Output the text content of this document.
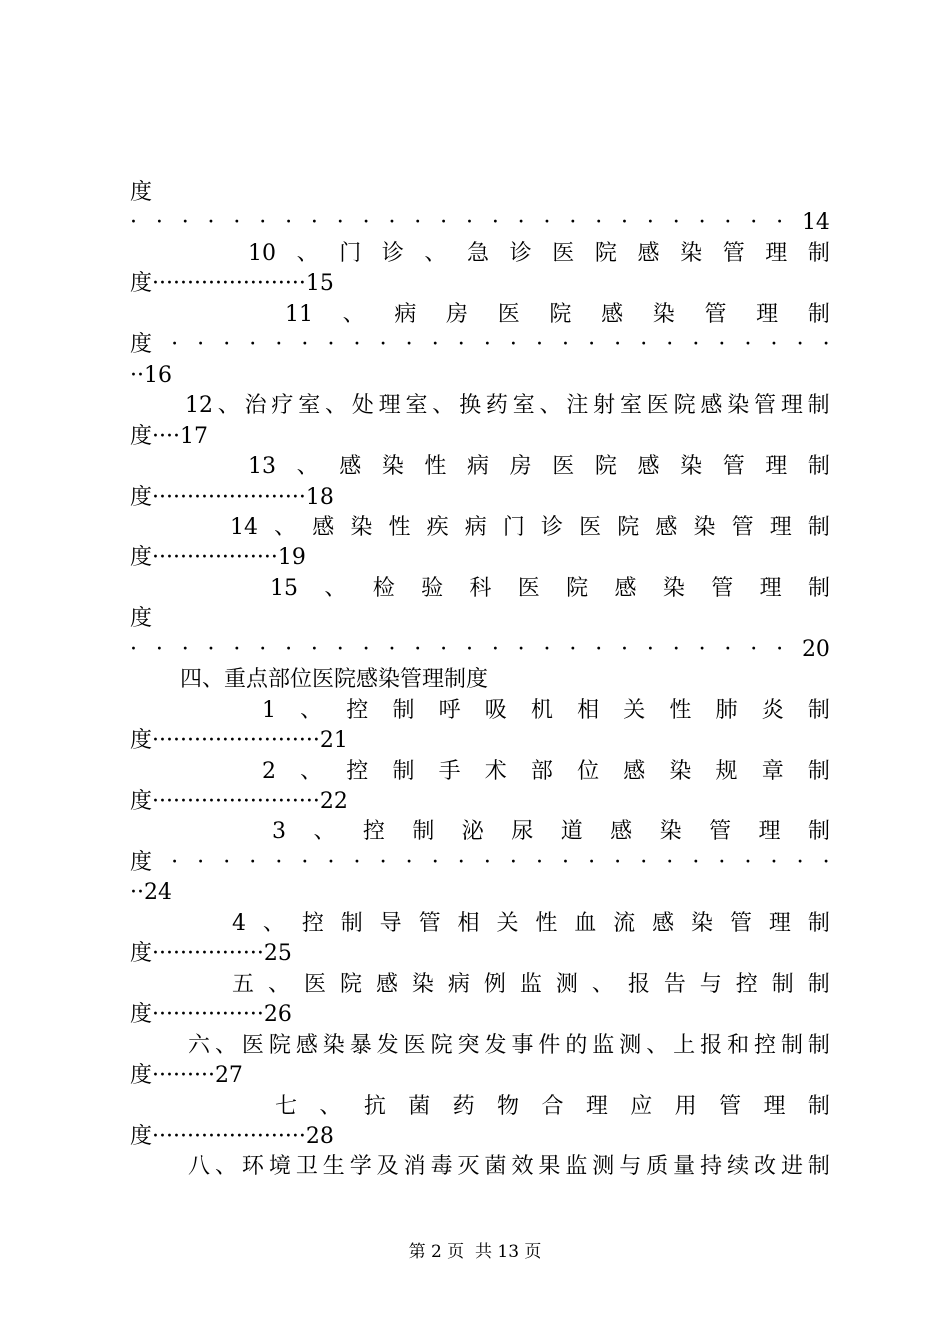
度
· · · · · · · · · · · · · · · · · · · · · · · · · · 14
10 、 门 诊 、 急 诊 医 院 感 染 管 理 制
度······················15
11 、 病 房 医 院 感 染 管 理 制
度 · · · · · · · · · · · · · · · · · · · · · · · · · ·
··16
12 、 治 疗 室 、 处 理 室 、 换 药 室 、 注 射 室 医 院 感 染 管 理 制
度····17
13 、 感 染 性 病 房 医 院 感 染 管 理 制
度······················18
14 、 感 染 性 疾 病 门 诊 医 院 感 染 管 理 制
度··················19
15 、 检 验 科 医 院 感 染 管 理 制
度
· · · · · · · · · · · · · · · · · · · · · · · · · · 20
四、重点部位医院感染管理制度
1 、 控 制 呼 吸 机 相 关 性 肺 炎 制
度························21
2 、 控 制 手 术 部 位 感 染 规 章 制
度························22
3 、 控 制 泌 尿 道 感 染 管 理 制
度 · · · · · · · · · · · · · · · · · · · · · · · · · ·
··24
4 、 控 制 导 管 相 关 性 血 流 感 染 管 理 制
度················25
五 、 医 院 感 染 病 例 监 测 、 报 告 与 控 制 制
度················26
六 、 医 院 感 染 暴 发 医 院 突 发 事 件 的 监 测 、 上 报 和 控 制 制
度·········27
七 、 抗 菌 药 物 合 理 应 用 管 理 制
度······················28
八 、 环 境 卫 生 学 及 消 毒 灭 菌 效 果 监 测 与 质 量 持 续 改 进 制
第 2 页  共 13 页
